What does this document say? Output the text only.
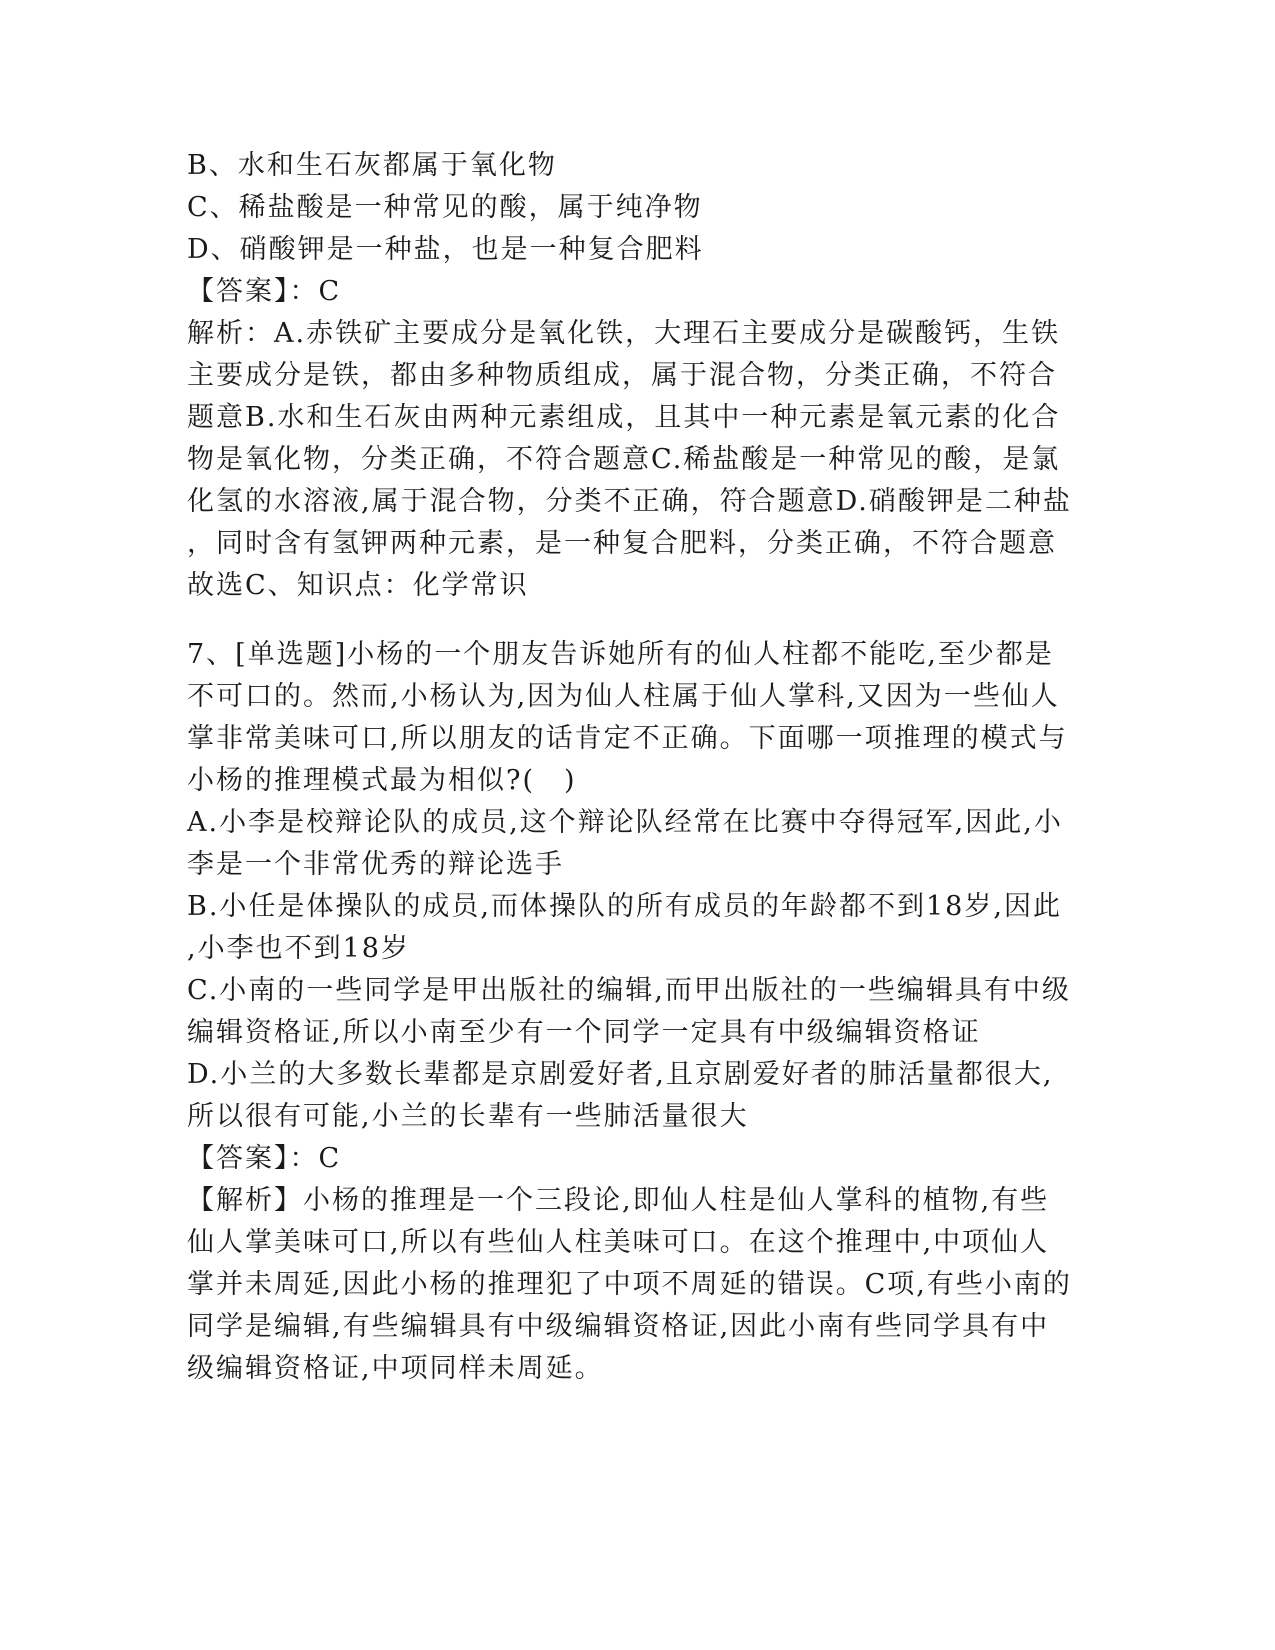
B、水和生石灰都属于氧化物
C、稀盐酸是一种常见的酸，属于纯净物
D、硝酸钾是一种盐，也是一种复合肥料
【答案】：C
解析：A.赤铁矿主要成分是氧化铁，大理石主要成分是碳酸钙，生铁
主要成分是铁，都由多种物质组成，属于混合物，分类正确，不符合
题意B.水和生石灰由两种元素组成，且其中一种元素是氧元素的化合
物是氧化物，分类正确，不符合题意C.稀盐酸是一种常见的酸，是氯
化氢的水溶液,属于混合物，分类不正确，符合题意D.硝酸钾是二种盐
，同时含有氢钾两种元素，是一种复合肥料，分类正确，不符合题意
故选C、知识点：化学常识
7、[单选题]小杨的一个朋友告诉她所有的仙人柱都不能吃,至少都是
不可口的。然而,小杨认为,因为仙人柱属于仙人掌科,又因为一些仙人
掌非常美味可口,所以朋友的话肯定不正确。下面哪一项推理的模式与
小杨的推理模式最为相似?(　)
A.小李是校辩论队的成员,这个辩论队经常在比赛中夺得冠军,因此,小
李是一个非常优秀的辩论选手
B.小任是体操队的成员,而体操队的所有成员的年龄都不到18岁,因此
,小李也不到18岁
C.小南的一些同学是甲出版社的编辑,而甲出版社的一些编辑具有中级
编辑资格证,所以小南至少有一个同学一定具有中级编辑资格证
D.小兰的大多数长辈都是京剧爱好者,且京剧爱好者的肺活量都很大,
所以很有可能,小兰的长辈有一些肺活量很大
【答案】：C
【解析】小杨的推理是一个三段论,即仙人柱是仙人掌科的植物,有些
仙人掌美味可口,所以有些仙人柱美味可口。在这个推理中,中项仙人
掌并未周延,因此小杨的推理犯了中项不周延的错误。C项,有些小南的
同学是编辑,有些编辑具有中级编辑资格证,因此小南有些同学具有中
级编辑资格证,中项同样未周延。
